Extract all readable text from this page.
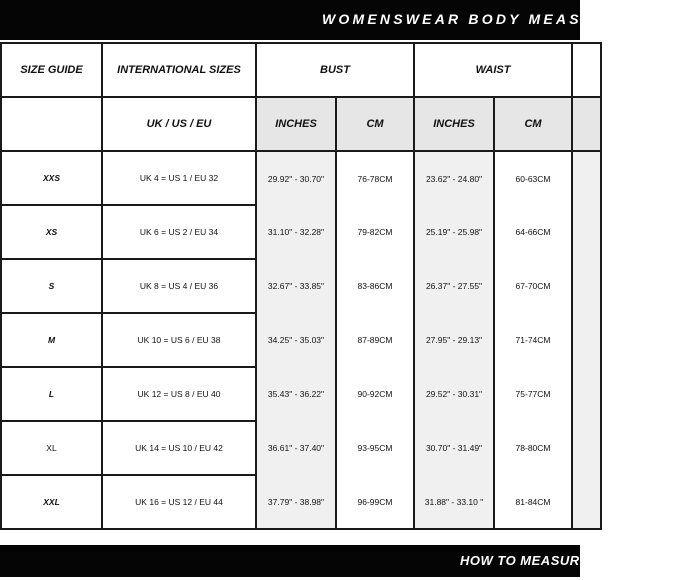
WOMENSWEAR BODY MEASUREMENTS
SIZE GUIDE	INTERNATIONAL SIZES	BUST		WAIST		
	UK / US / EU	INCHES	CM	INCHES	CM	
XXS	UK 4 = US 1 / EU 32	29.92" - 30.70"	76-78CM	23.62" - 24.80"	60-63CM	
XS	UK 6 = US 2 / EU 34	31.10" - 32.28"	79-82CM	25.19" - 25.98"	64-66CM	
S	UK 8 = US 4 / EU 36	32.67" - 33.85"	83-86CM	26.37" - 27.55"	67-70CM	
M	UK 10 = US 6 / EU 38	34.25" - 35.03"	87-89CM	27.95" - 29.13"	71-74CM	
L	UK 12 = US 8 / EU 40	35.43" - 36.22"	90-92CM	29.52" - 30.31"	75-77CM	
XL	UK 14 = US 10 / EU 42	36.61" - 37.40"	93-95CM	30.70" - 31.49"	78-80CM	
XXL	UK 16 = US 12 / EU 44	37.79" - 38.98"	96-99CM	31.88" - 33.10 "	81-84CM	
HOW TO MEASURE
